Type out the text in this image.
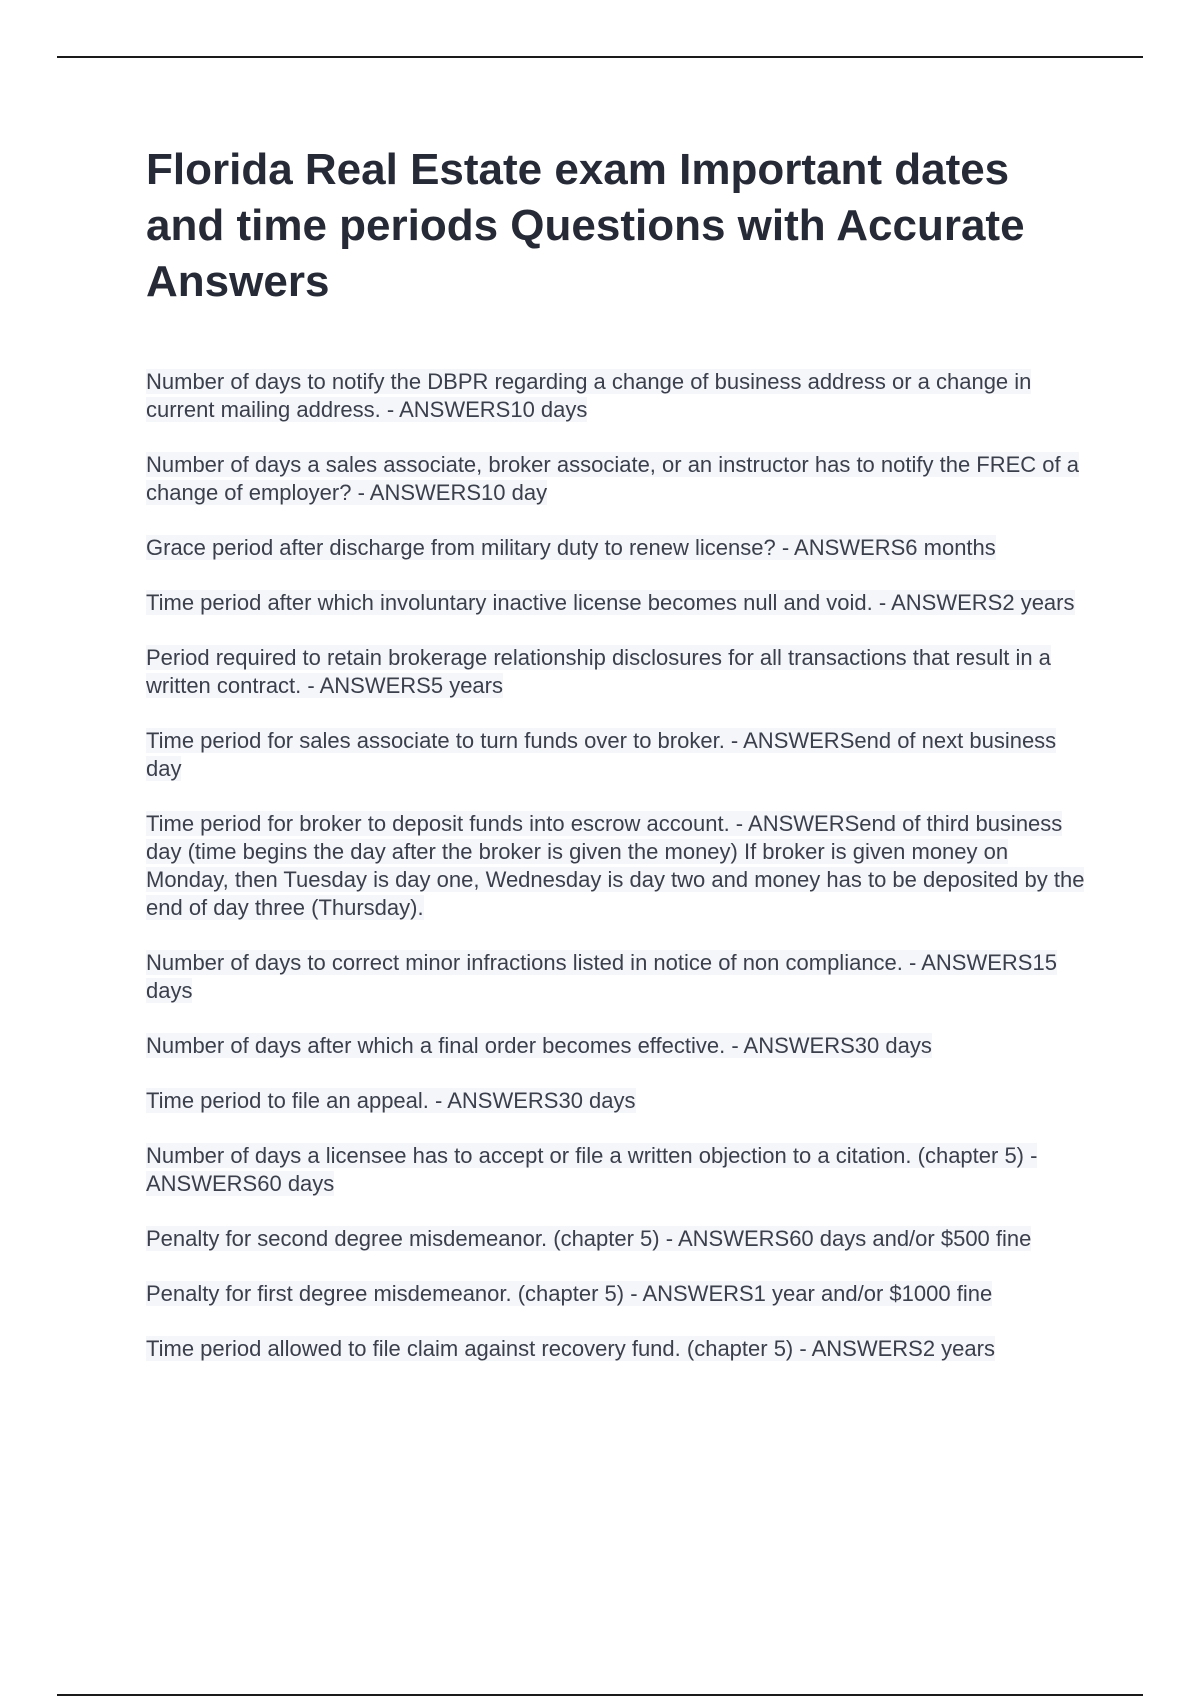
Florida Real Estate exam Important dates and time periods Questions with Accurate Answers
Number of days to notify the DBPR regarding a change of business address or a change in current mailing address. - ANSWERS10 days
Number of days a sales associate, broker associate, or an instructor has to notify the FREC of a change of employer? - ANSWERS10 day
Grace period after discharge from military duty to renew license? - ANSWERS6 months
Time period after which involuntary inactive license becomes null and void. - ANSWERS2 years
Period required to retain brokerage relationship disclosures for all transactions that result in a written contract. - ANSWERS5 years
Time period for sales associate to turn funds over to broker. - ANSWERSend of next business day
Time period for broker to deposit funds into escrow account. - ANSWERSend of third business day (time begins the day after the broker is given the money) If broker is given money on Monday, then Tuesday is day one, Wednesday is day two and money has to be deposited by the end of day three (Thursday).
Number of days to correct minor infractions listed in notice of non compliance. - ANSWERS15 days
Number of days after which a final order becomes effective. - ANSWERS30 days
Time period to file an appeal. - ANSWERS30 days
Number of days a licensee has to accept or file a written objection to a citation. (chapter 5) - ANSWERS60 days
Penalty for second degree misdemeanor. (chapter 5) - ANSWERS60 days and/or $500 fine
Penalty for first degree misdemeanor. (chapter 5) - ANSWERS1 year and/or $1000 fine
Time period allowed to file claim against recovery fund. (chapter 5) - ANSWERS2 years
